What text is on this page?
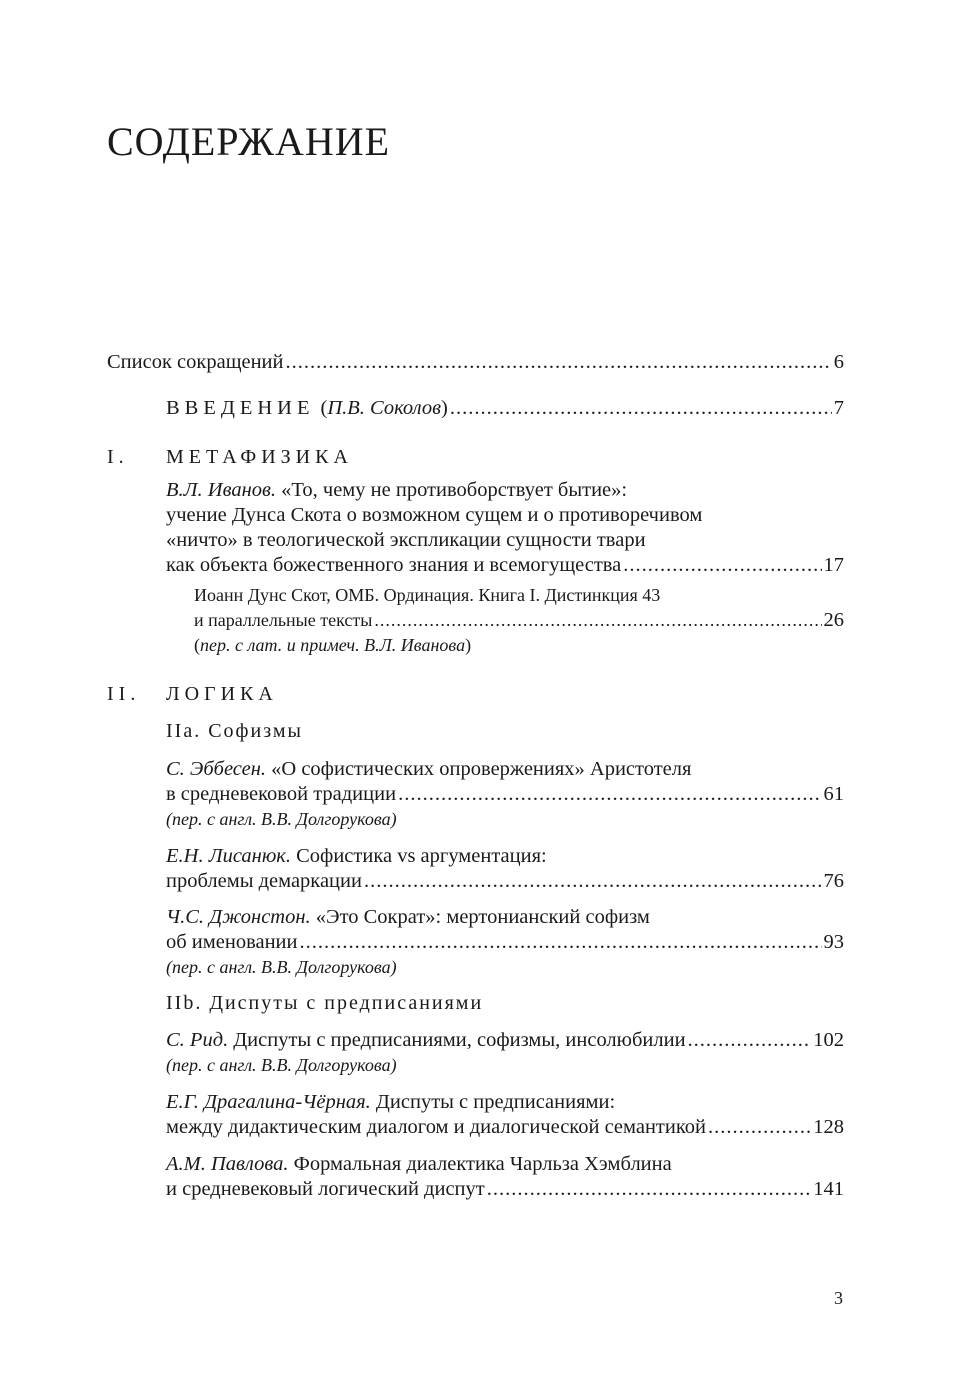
СОДЕРЖАНИЕ
Список сокращений .....	6
ВВЕДЕНИЕ ( П.В. Соколов ) .....	7
I. МЕТАФИЗИКА
В.Л. Иванов. «То, чему не противоборствует бытие»:
учение Дунса Скота о возможном сущем и о противоречивом
«ничто» в теологической экспликации сущности твари
как объекта божественного знания и всемогущества .....	17
Иоанн Дунс Скот, ОМБ. Ординация. Книга I. Дистинкция 43
и параллельные тексты .....	26
(пер. с лат. и примеч. В.Л. Иванова)
II. ЛОГИКА
IIa. Софизмы
С. Эббесен. «О софистических опровержениях» Аристотеля
в средневековой традиции .....	61
(пер. с англ. В.В. Долгорукова)
Е.Н. Лисанюк. Софистика vs аргументация:
проблемы демаркации .....	76
Ч.С. Джонстон. «Это Сократ»: мертонианский софизм
об именовании .....	93
(пер. с англ. В.В. Долгорукова)
IIb. Диспуты с предписаниями
С. Рид. Диспуты с предписаниями, софизмы, инсолюбилии .....	102
(пер. с англ. В.В. Долгорукова)
Е.Г. Драгалина-Чёрная. Диспуты с предписаниями:
между дидактическим диалогом и диалогической семантикой .....	128
А.М. Павлова. Формальная диалектика Чарльза Хэмблина
и средневековый логический диспут .....	141
3
